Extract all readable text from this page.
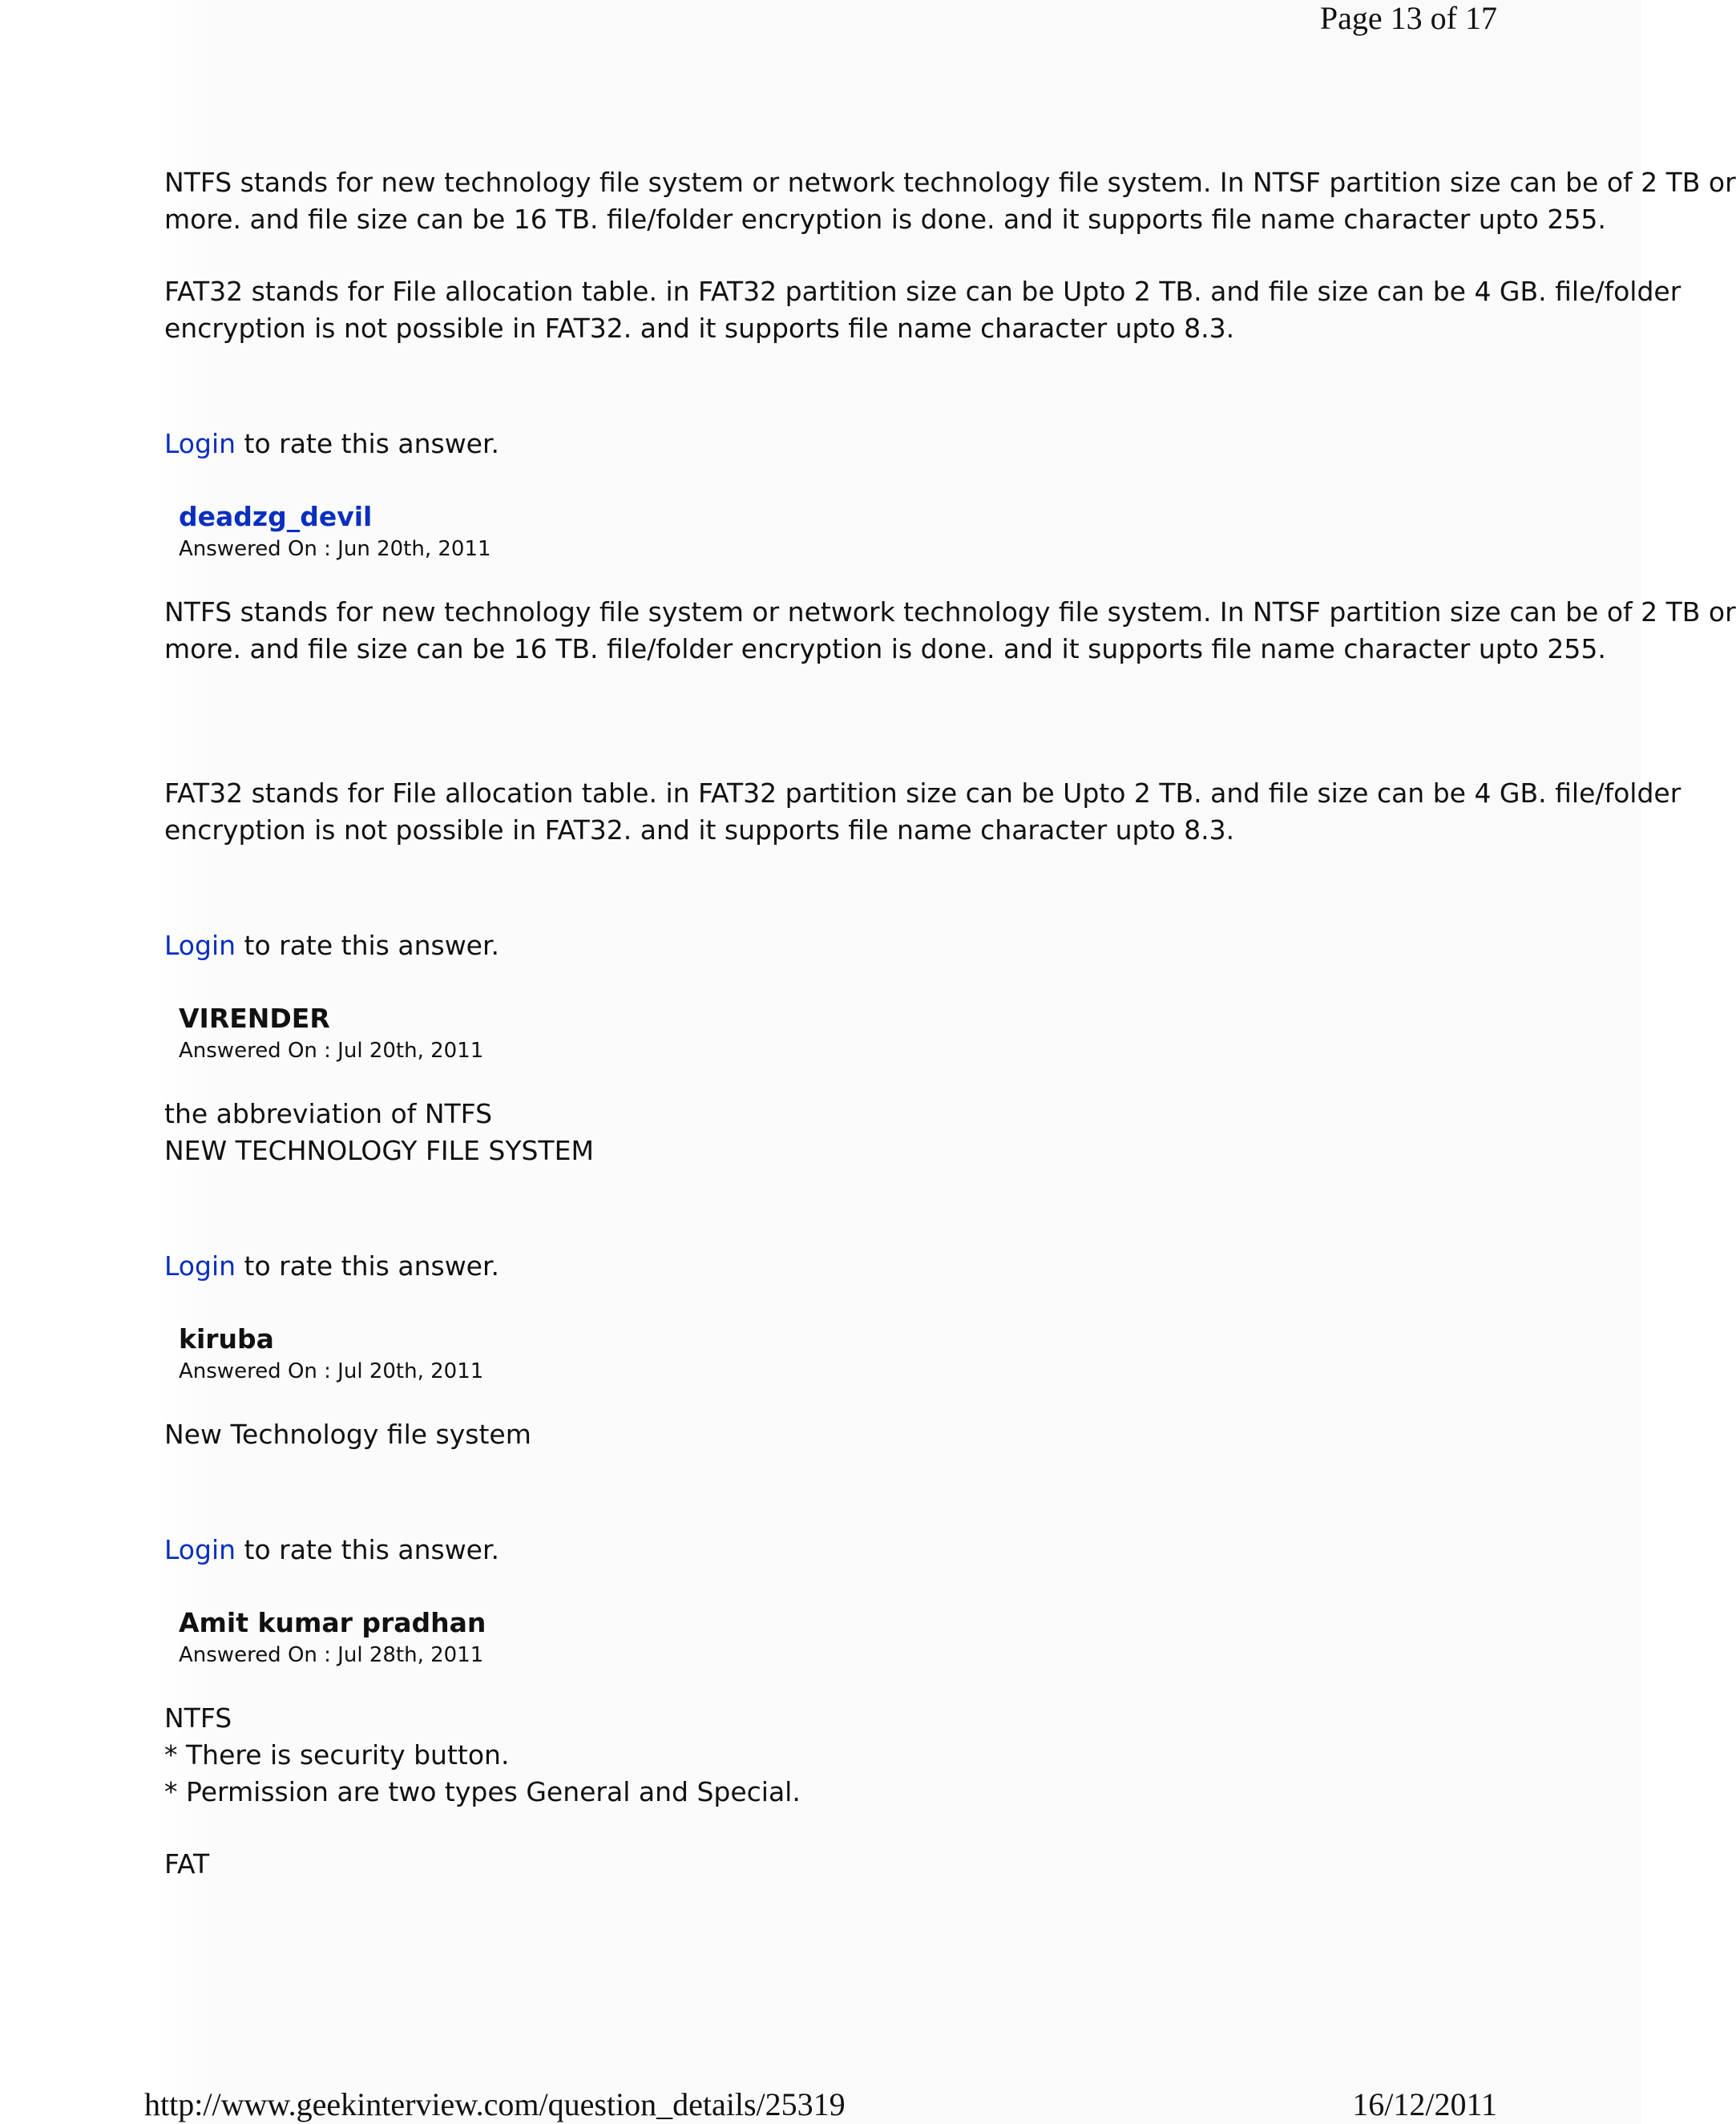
Page 13 of 17

NTFS stands for new technology file system or network technology file system. In NTSF partition size can be of 2 TB or

more. and file size can be 16 TB. file/folder encryption is done. and it supports file name character upto 255.

FAT32 stands for File allocation table. in FAT32 partition size can be Upto 2 TB. and file size can be 4 GB. file/folder

encryption is not possible in FAT32. and it supports file name character upto 8.3.

Login to rate this answer.

deadzg_devil
Answered On : Jun 20th, 2011

NTFS stands for new technology file system or network technology file system. In NTSF partition size can be of 2 TB or

more. and file size can be 16 TB. file/folder encryption is done. and it supports file name character upto 255.

FAT32 stands for File allocation table. in FAT32 partition size can be Upto 2 TB. and file size can be 4 GB. file/folder

encryption is not possible in FAT32. and it supports file name character upto 8.3.

Login to rate this answer.

VIRENDER
Answered On : Jul 20th, 2011

the abbreviation of NTFS

NEW TECHNOLOGY FILE SYSTEM

Login to rate this answer.

kiruba
Answered On : Jul 20th, 2011

New Technology file system

Login to rate this answer.

Amit kumar pradhan
Answered On : Jul 28th, 2011

NTFS

* There is security button.

* Permission are two types General and Special.

FAT

http://www.geekinterview.com/question_details/25319	16/12/2011
